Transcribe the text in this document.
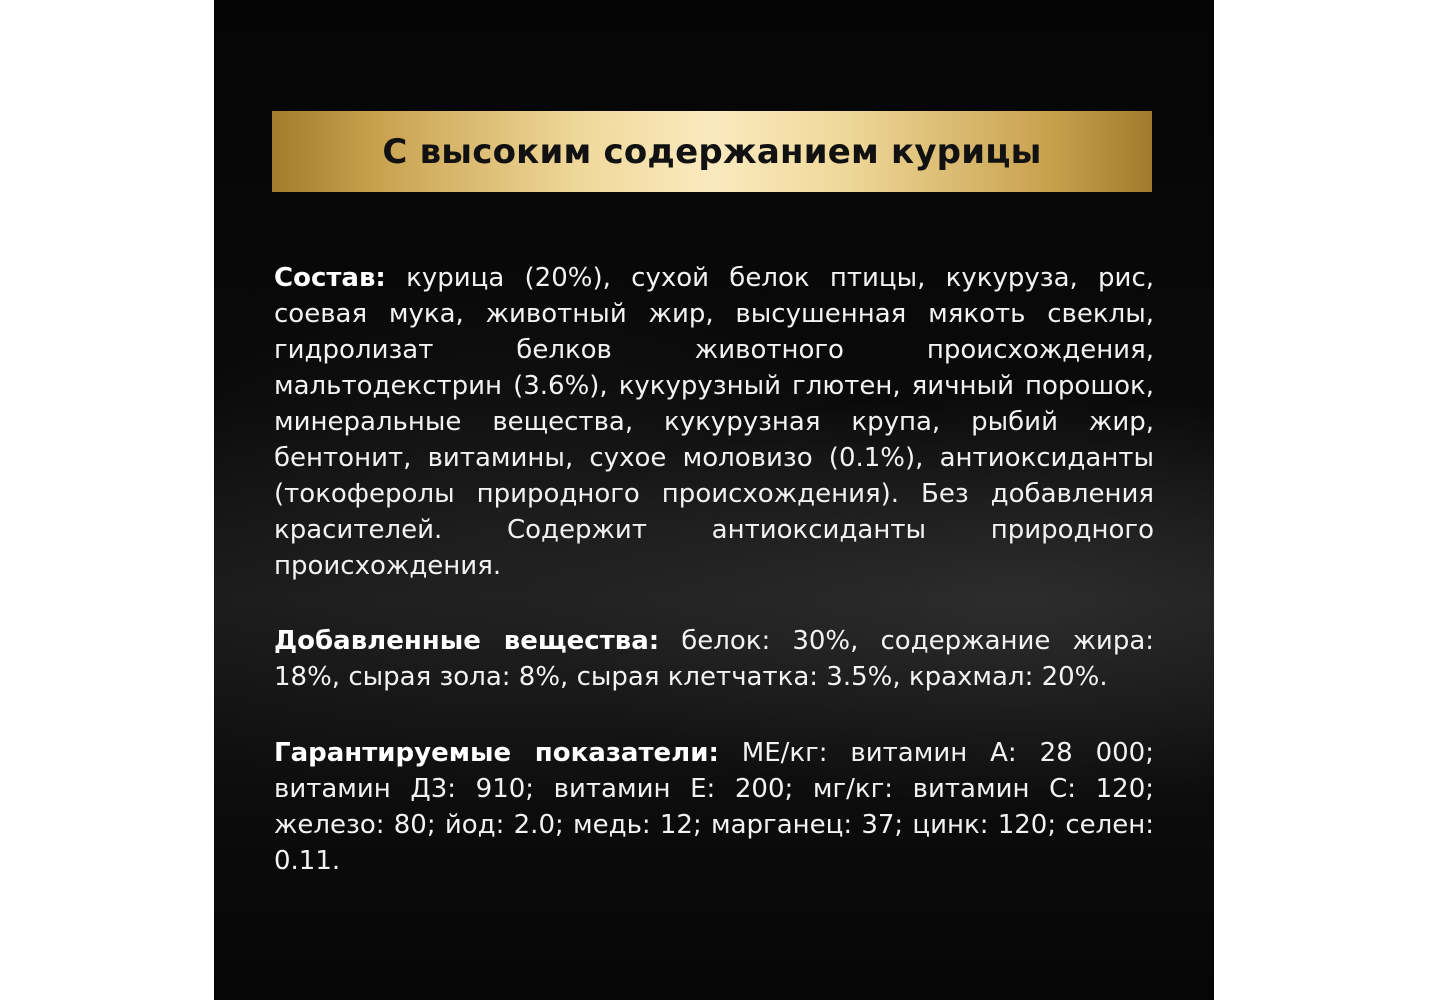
С высоким содержанием курицы

Состав: курица (20%), сухой белок птицы, кукуруза, рис, соевая мука, животный жир, высушенная мякоть свеклы, гидролизат белков животного происхождения, мальтодекстрин (3.6%), кукурузный глютен, яичный порошок, минеральные вещества, кукурузная крупа, рыбий жир, бентонит, витамины, сухое моловизо (0.1%), антиоксиданты (токоферолы природного происхождения). Без добавления красителей. Содержит антиоксиданты природного происхождения.

Добавленные вещества: белок: 30%, содержание жира: 18%, сырая зола: 8%, сырая клетчатка: 3.5%, крахмал: 20%.

Гарантируемые показатели: МЕ/кг: витамин А: 28 000; витамин Д3: 910; витамин Е: 200; мг/кг: витамин С: 120; железо: 80; йод: 2.0; медь: 12; марганец: 37; цинк: 120; селен: 0.11.
